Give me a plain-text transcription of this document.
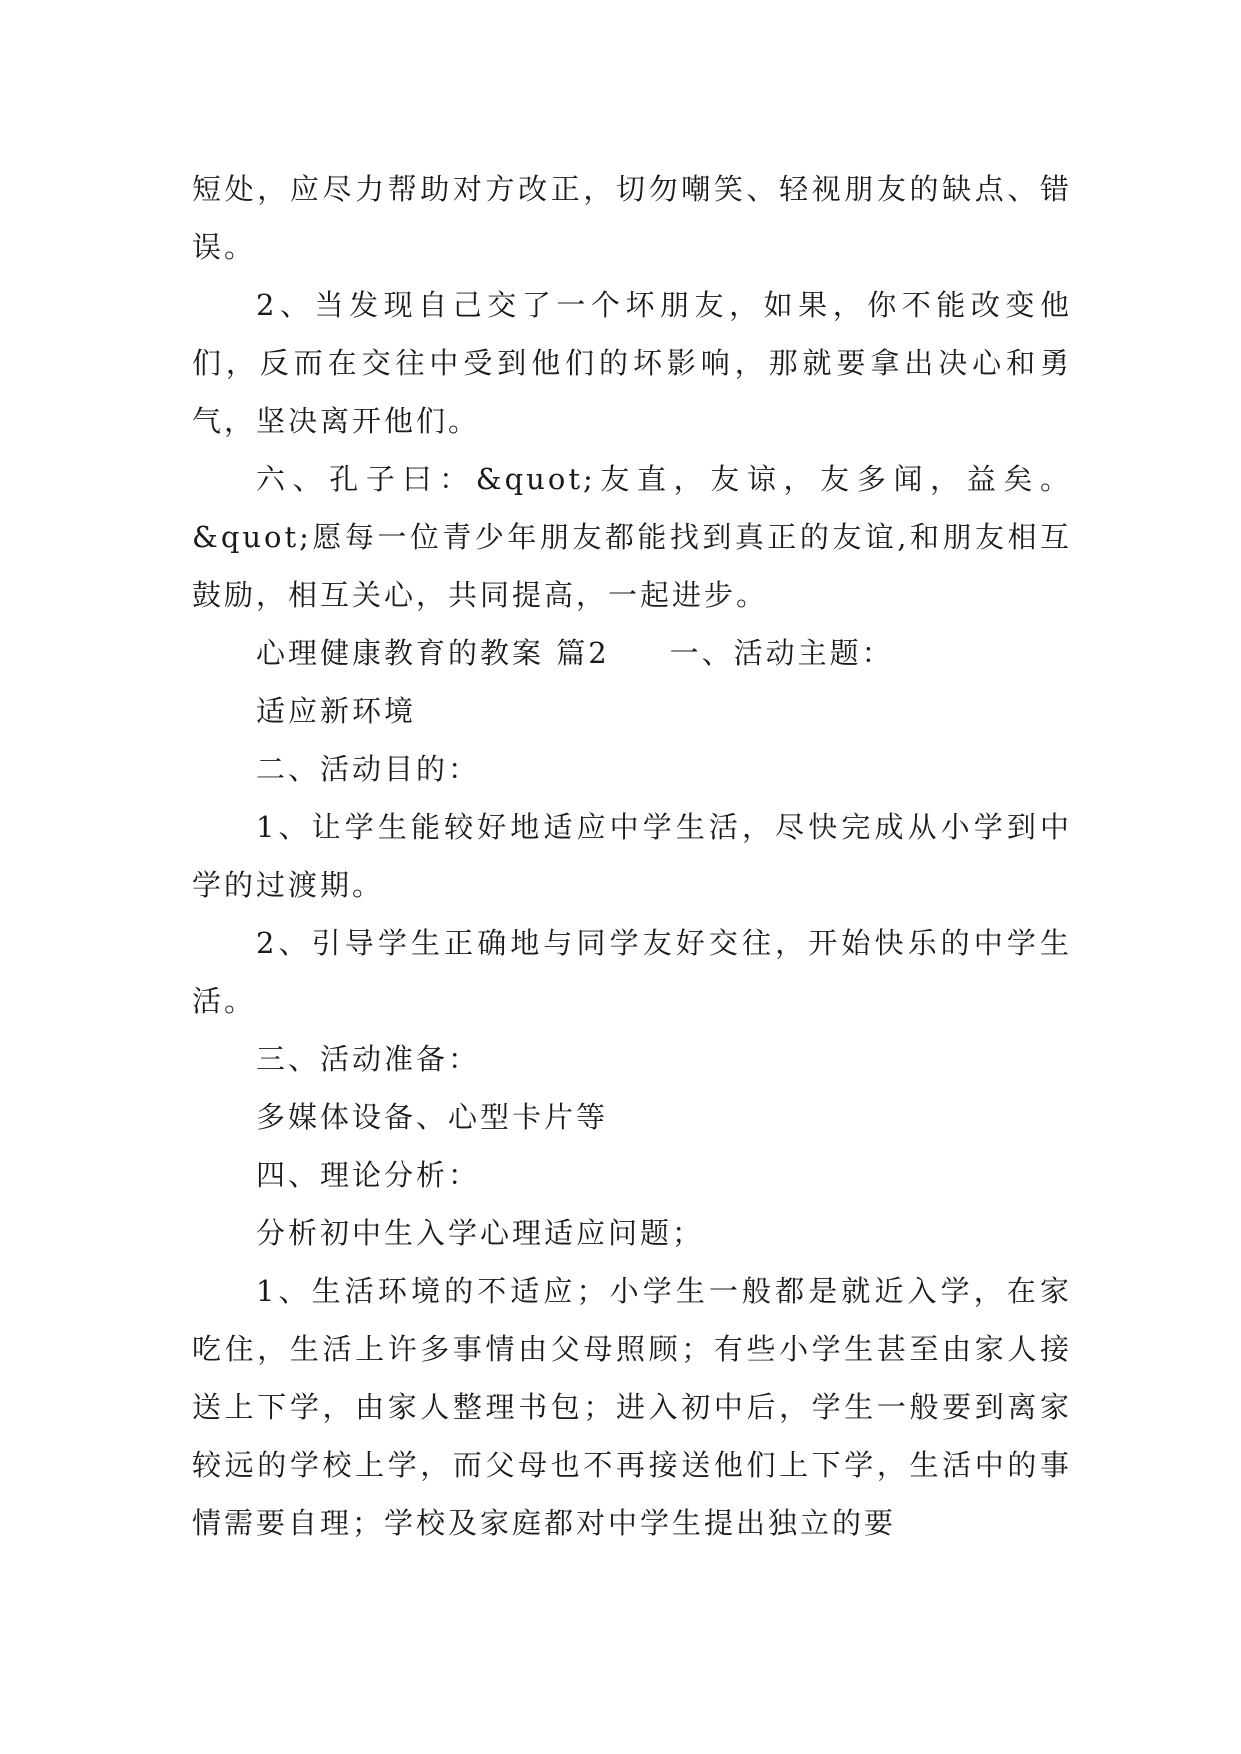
短处，应尽力帮助对方改正，切勿嘲笑、轻视朋友的缺点、错误。

2、当发现自己交了一个坏朋友，如果，你不能改变他们，反而在交往中受到他们的坏影响，那就要拿出决心和勇气，坚决离开他们。

六、孔子曰：&quot;友直，友谅，友多闻，益矣。&quot;愿每一位青少年朋友都能找到真正的友谊,和朋友相互鼓励，相互关心，共同提高，一起进步。

心理健康教育的教案 篇2 一、活动主题：

适应新环境

二、活动目的：

1、让学生能较好地适应中学生活，尽快完成从小学到中学的过渡期。

2、引导学生正确地与同学友好交往，开始快乐的中学生活。

三、活动准备：

多媒体设备、心型卡片等

四、理论分析：

分析初中生入学心理适应问题；

1、生活环境的不适应；小学生一般都是就近入学，在家吃住，生活上许多事情由父母照顾；有些小学生甚至由家人接送上下学，由家人整理书包；进入初中后，学生一般要到离家较远的学校上学，而父母也不再接送他们上下学，生活中的事情需要自理；学校及家庭都对中学生提出独立的要
